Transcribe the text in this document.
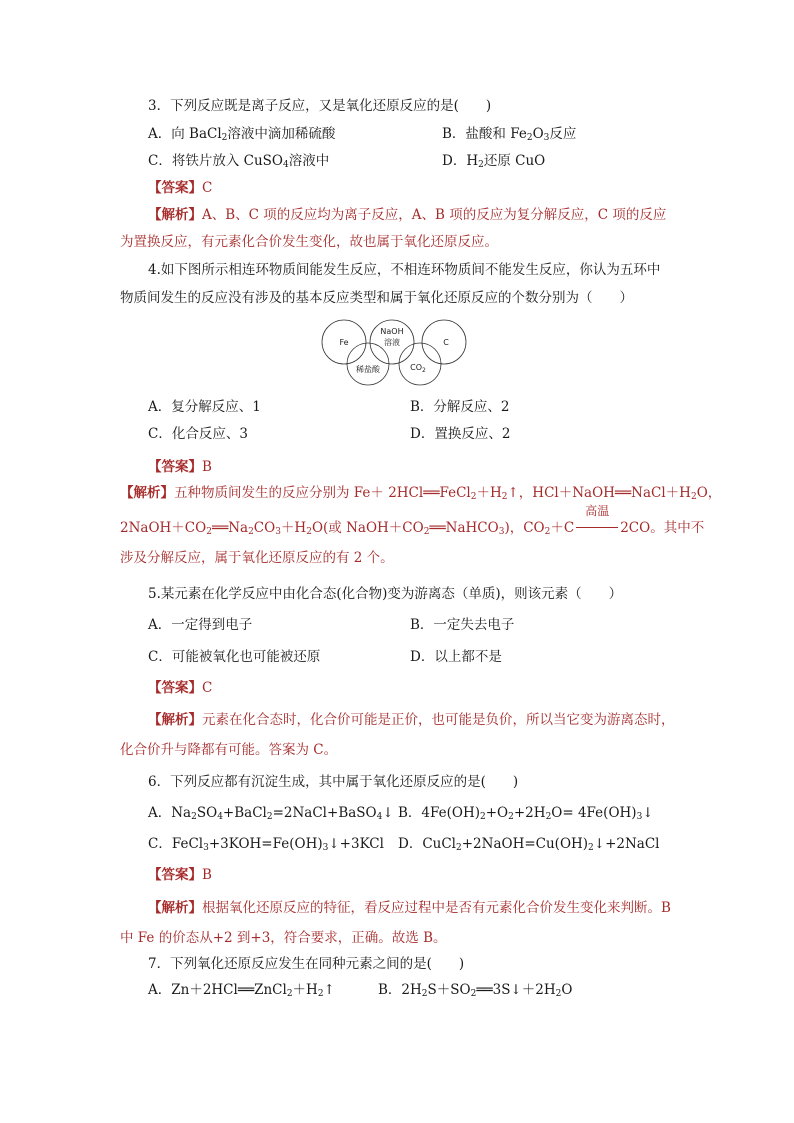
3．下列反应既是离子反应，又是氧化还原反应的是(　　)
A．向 BaCl$_2$溶液中滴加稀硫酸	B．盐酸和 $Fe_2O_3$反应
C．将铁片放入 CuSO$_4$溶液中	D．$H_2$还原 CuO
【答案】C
【解析】A、B、C 项的反应均为离子反应，A、B 项的反应为复分解反应，C 项的反应
为置换反应，有元素化合价发生变化，故也属于氧化还原反应。
4.如下图所示相连环物质间能发生反应，不相连环物质间不能发生反应，你认为五环中
物质间发生的反应没有涉及的基本反应类型和属于氧化还原反应的个数分别为（　　）
Fe
NaOH
溶液	C
稀盐酸	$CO_2$
A．复分解反应、1	B．分解反应、2
C．化合反应、3	D．置换反应、2
【答案】B
【解析】五种物质间发生的反应分别为 $Fe+ 2HCl══FeCl_2+H_2↑$，$HCl+NaOH══NaCl+H_2O$，
$2NaOH+CO_2══Na_2CO_3+H_2O$(或 $NaOH+CO_2══NaHCO_3$)，$CO_2+C$
高温
2CO。其中不
涉及分解反应，属于氧化还原反应的有 2 个。
5.某元素在化学反应中由化合态(化合物)变为游离态（单质)，则该元素（　　）
A．一定得到电子	B．一定失去电子
C．可能被氧化也可能被还原	D．以上都不是
【答案】C
【解析】元素在化合态时，化合价可能是正价，也可能是负价，所以当它变为游离态时，
化合价升与降都有可能。答案为 C。
6．下列反应都有沉淀生成，其中属于氧化还原反应的是(　　)
A．$Na_2SO_4+BaCl_2=2NaCl+BaSO_4↓$ B．$4Fe(OH)_2+O_2+2H_2O=$ $4Fe(OH)_3↓$
C．$FeCl_3+3KOH=Fe(OH)_3↓+3KCl$ D．$CuCl_2+2NaOH=Cu(OH)_2↓+2NaCl$
【答案】B
【解析】根据氧化还原反应的特征，看反应过程中是否有元素化合价发生变化来判断。B
中 Fe 的价态从+2 到+3，符合要求，正确。故选 B。
7．下列氧化还原反应发生在同种元素之间的是(　　)
A．$Zn+2HCl══ZnCl_2+H_2↑$	B．$2H_2S+SO_2══3S↓+2H_2O$
